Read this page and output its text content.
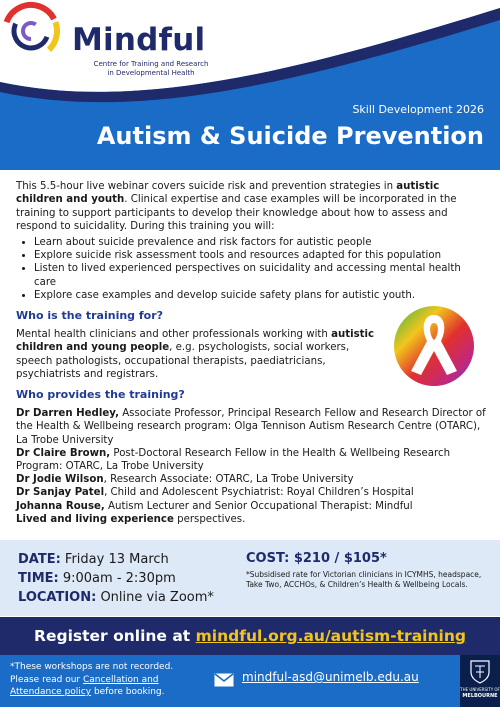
Mindful
Centre for Training and Research
in Developmental Health
Skill Development 2026
Autism & Suicide Prevention

This 5.5-hour live webinar covers suicide risk and prevention strategies in autistic children and youth. Clinical expertise and case examples will be incorporated in the training to support participants to develop their knowledge about how to assess and respond to suicidality. During this training you will:

• Learn about suicide prevalence and risk factors for autistic people
• Explore suicide risk assessment tools and resources adapted for this population
• Listen to lived experienced perspectives on suicidality and accessing mental health care
• Explore case examples and develop suicide safety plans for autistic youth.
Who is the training for?

Mental health clinicians and other professionals working with autistic children and young people, e.g. psychologists, social workers, speech pathologists, occupational therapists, paediatricians, psychiatrists and registrars.

Who provides the training?
Dr Darren Hedley, Associate Professor, Principal Research Fellow and Research Director of the Health & Wellbeing research program: Olga Tennison Autism Research Centre (OTARC), La Trobe University
Dr Claire Brown, Post-Doctoral Research Fellow in the Health & Wellbeing Research Program: OTARC, La Trobe University
Dr Jodie Wilson, Research Associate: OTARC, La Trobe University
Dr Sanjay Patel, Child and Adolescent Psychiatrist: Royal Children’s Hospital
Johanna Rouse, Autism Lecturer and Senior Occupational Therapist: Mindful
Lived and living experience perspectives.
DATE: Friday 13 March
TIME: 9:00am - 2:30pm
LOCATION: Online via Zoom*
COST: $210 / $105*
*Subsidised rate for Victorian clinicians in ICYMHS, headspace, Take Two, ACCHOs, & Children’s Health & Wellbeing Locals.
Register online at mindful.org.au/autism-training
*These workshops are not recorded.
Please read our Cancellation and Attendance policy before booking.
mindful-asd@unimelb.edu.au
THE UNIVERSITY OF
MELBOURNE
